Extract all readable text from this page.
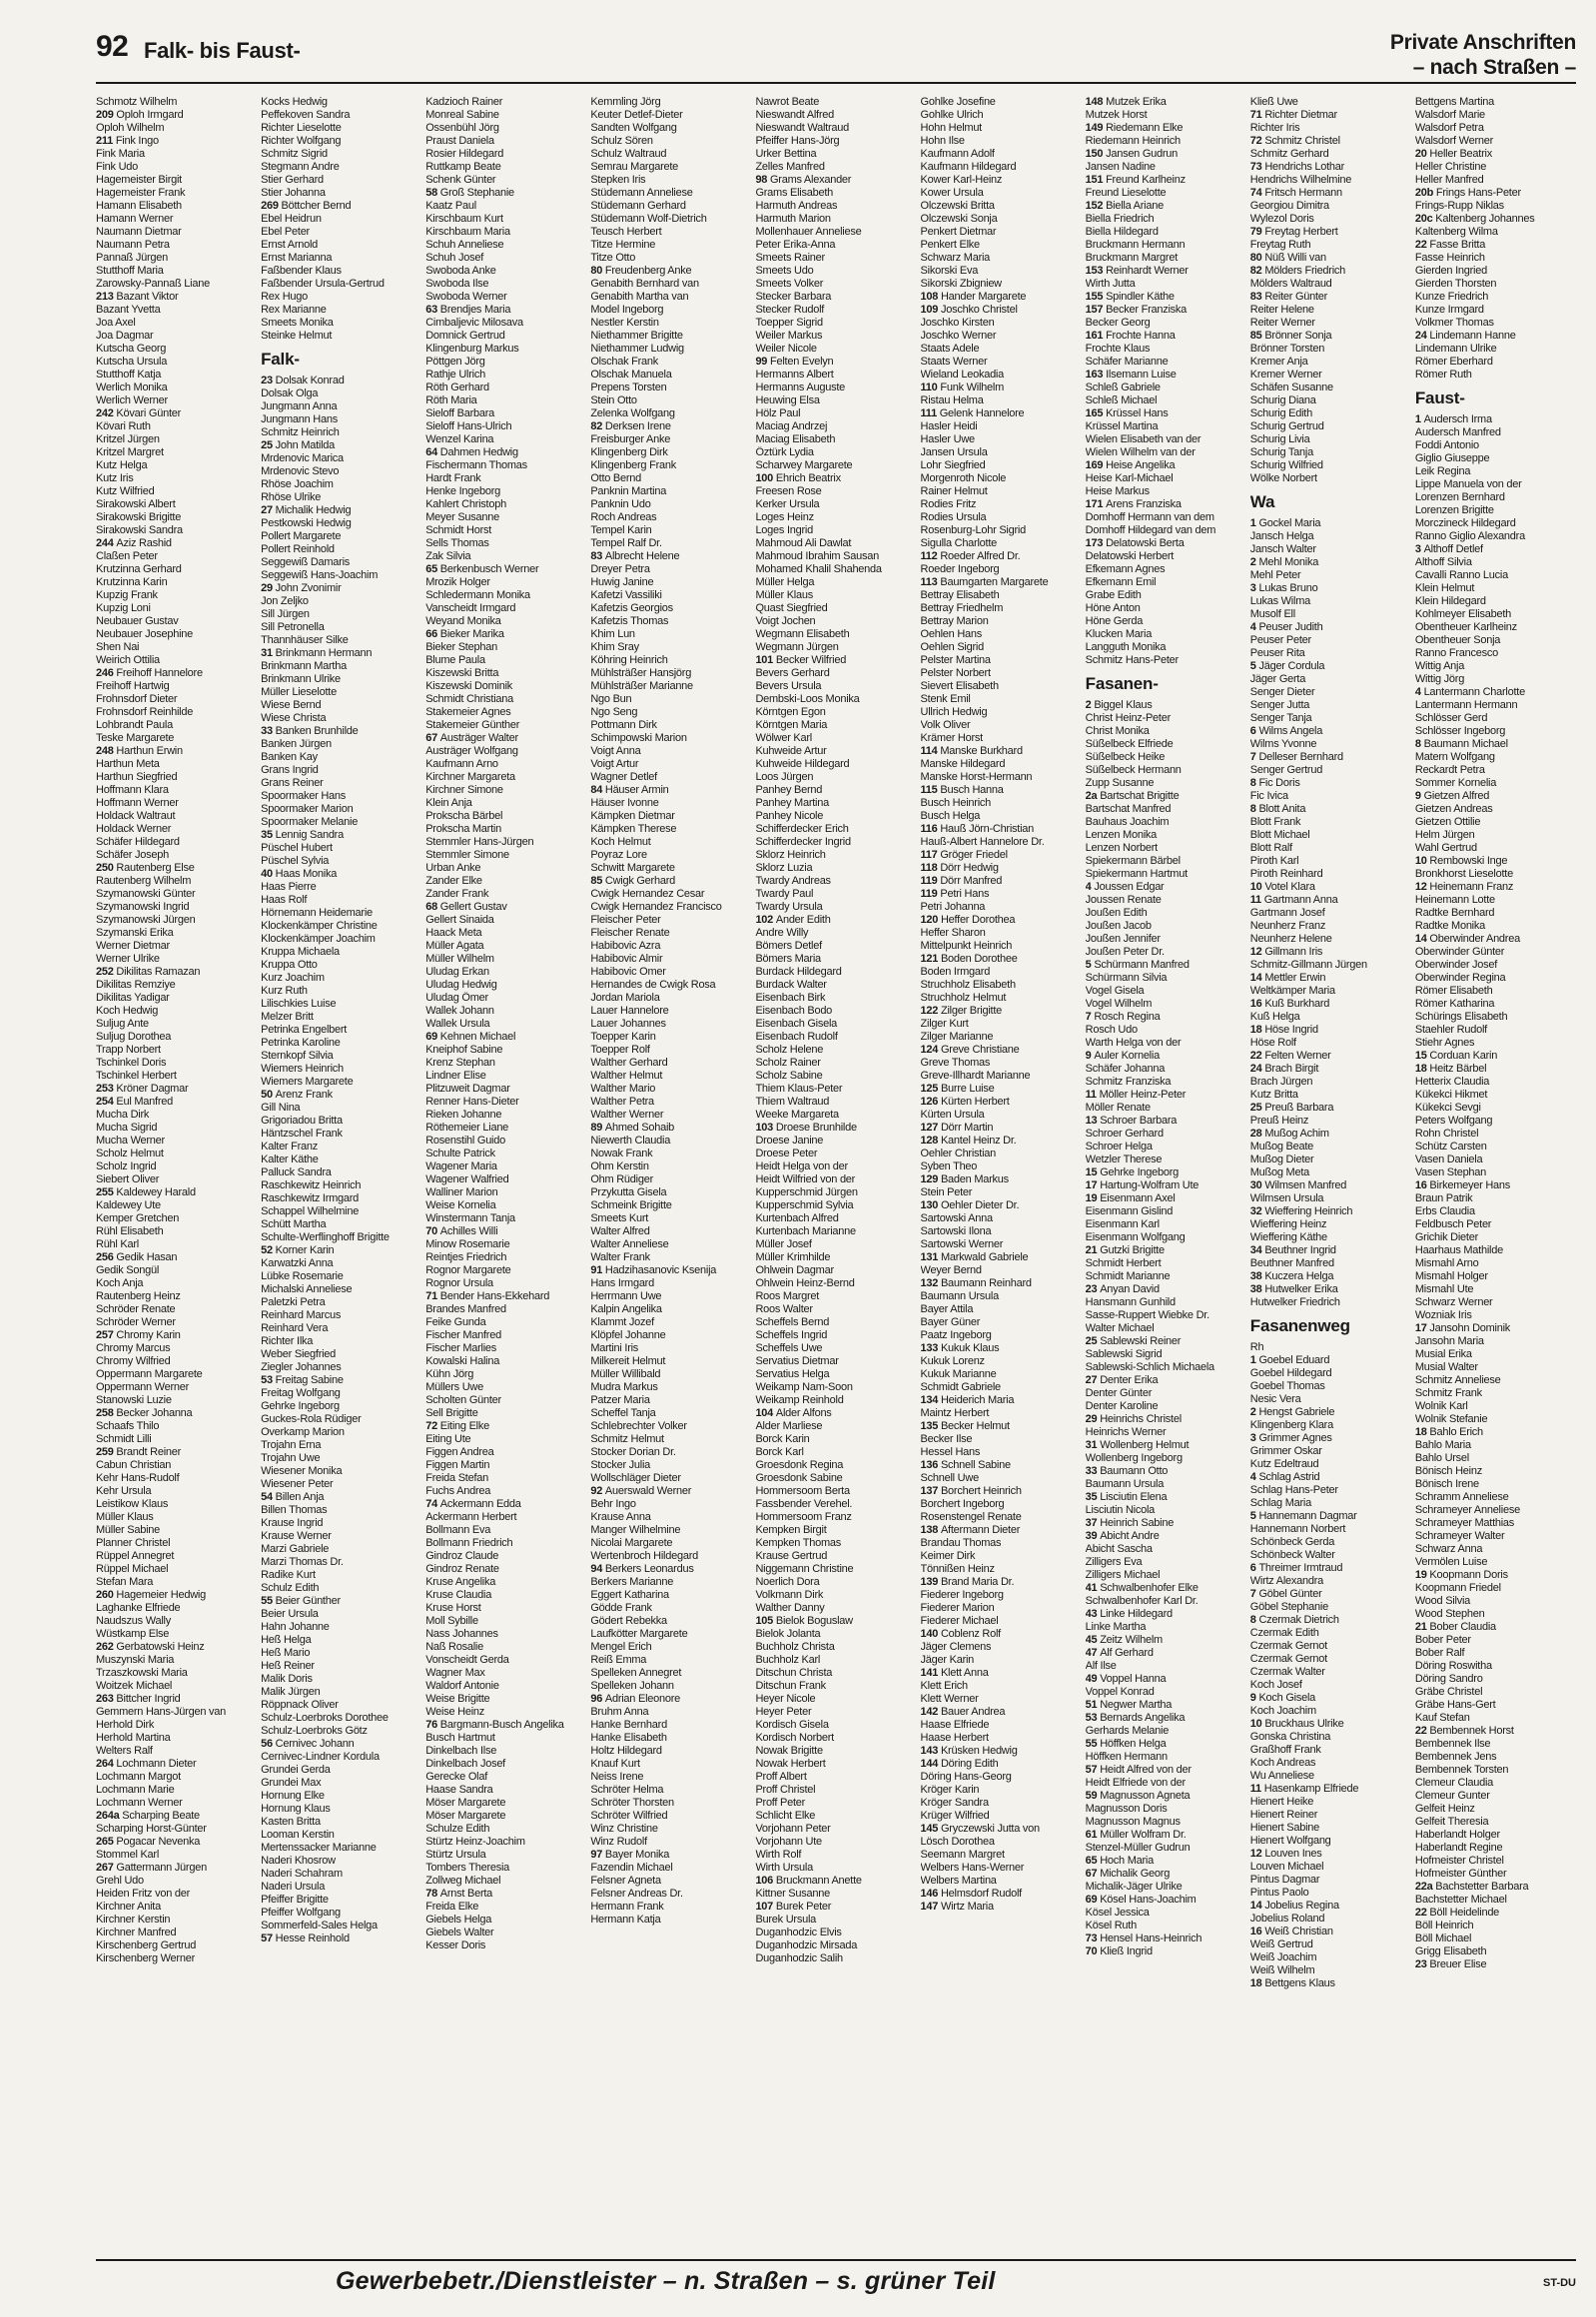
92 Falk- bis Faust-	Private Anschriften
– nach Straßen –
Schmotz Wilhelm
209 Oploh Irmgard
Oploh Wilhelm
211 Fink Ingo
Fink Maria
Fink Udo
Hagemeister Birgit
Hagemeister Frank
Hamann Elisabeth
Hamann Werner
Naumann Dietmar
Naumann Petra
Pannaß Jürgen
Stutthoff Maria
Zarowsky-Pannaß Liane
213 Bazant Viktor
Bazant Yvetta
Joa Axel
Joa Dagmar
Kutscha Georg
Kutscha Ursula
Stutthoff Katja
Werlich Monika
Werlich Werner
242 Kövari Günter
Kövari Ruth
Kritzel Jürgen
Kritzel Margret
Kutz Helga
Kutz Iris
Kutz Wilfried
Sirakowski Albert
Sirakowski Brigitte
Sirakowski Sandra
244 Aziz Rashid
Claßen Peter
Krutzinna Gerhard
Krutzinna Karin
Kupzig Frank
Kupzig Loni
Neubauer Gustav
Neubauer Josephine
Shen Nai
Weirich Ottilia
246 Freihoff Hannelore
Freihoff Hartwig
Frohnsdorf Dieter
Frohnsdorf Reinhilde
Lohbrandt Paula
Teske Margarete
248 Harthun Erwin
Harthun Meta
Harthun Siegfried
Hoffmann Klara
Hoffmann Werner
Holdack Waltraut
Holdack Werner
Schäfer Hildegard
Schäfer Joseph
250 Rautenberg Else
Rautenberg Wilhelm
Szymanowski Günter
Szymanowski Ingrid
Szymanowski Jürgen
Szymanski Erika
Werner Dietmar
Werner Ulrike
252 Dikilitas Ramazan
Dikilitas Remziye
Dikilitas Yadigar
Koch Hedwig
Suljug Ante
Suljug Dorothea
Trapp Norbert
Tschinkel Doris
Tschinkel Herbert
253 Kröner Dagmar
254 Eul Manfred
Mucha Dirk
Mucha Sigrid
Mucha Werner
Scholz Helmut
Scholz Ingrid
Siebert Oliver
255 Kaldewey Harald
Kaldewey Ute
Kemper Gretchen
Rühl Elisabeth
Rühl Karl
256 Gedik Hasan
Gedik Songül
Koch Anja
Rautenberg Heinz
Schröder Renate
Schröder Werner
257 Chromy Karin
Chromy Marcus
Chromy Wilfried
Oppermann Margarete
Oppermann Werner
Stanowski Luzie
258 Becker Johanna
Schaafs Thilo
Schmidt Lilli
259 Brandt Reiner
Cabun Christian
Kehr Hans-Rudolf
Kehr Ursula
Leistikow Klaus
Müller Klaus
Müller Sabine
Planner Christel
Rüppel Annegret
Rüppel Michael
Stefan Mara
260 Hagemeier Hedwig
Laghanke Elfriede
Naudszus Wally
Wüstkamp Else
262 Gerbatowski Heinz
Muszynski Maria
Trzaszkowski Maria
Woitzek Michael
263 Bittcher Ingrid
Gemmern Hans-Jürgen van
Herhold Dirk
Herhold Martina
Welters Ralf
264 Lochmann Dieter
Lochmann Margot
Lochmann Marie
Lochmann Werner
264a Scharping Beate
Scharping Horst-Günter
265 Pogacar Nevenka
Stommel Karl
267 Gattermann Jürgen
Grehl Udo
Heiden Fritz von der
Kirchner Anita
Kirchner Kerstin
Kirchner Manfred
Kirschenberg Gertrud
Kirschenberg Werner
Kocks Hedwig
Peffekoven Sandra
Richter Lieselotte
Richter Wolfgang
Schmitz Sigrid
Stegmann Andre
Stier Gerhard
Stier Johanna
269 Böttcher Bernd
Ebel Heidrun
Ebel Peter
Ernst Arnold
Ernst Marianna
Faßbender Klaus
Faßbender Ursula-Gertrud
Rex Hugo
Rex Marianne
Smeets Monika
Steinke Helmut
Falk-
23 Dolsak Konrad
Dolsak Olga
Jungmann Anna
Jungmann Hans
Schmitz Heinrich
25 John Matilda
Mrdenovic Marica
Mrdenovic Stevo
Rhöse Joachim
Rhöse Ulrike
27 Michalik Hedwig
Pestkowski Hedwig
Pollert Margarete
Pollert Reinhold
Seggewiß Damaris
Seggewiß Hans-Joachim
29 John Zvonimir
Jon Zeljko
Sill Jürgen
Sill Petronella
Thannhäuser Silke
31 Brinkmann Hermann
Brinkmann Martha
Brinkmann Ulrike
Müller Lieselotte
Wiese Bernd
Wiese Christa
33 Banken Brunhilde
Banken Jürgen
Banken Kay
Grans Ingrid
Grans Reiner
Spoormaker Hans
Spoormaker Marion
Spoormaker Melanie
35 Lennig Sandra
Püschel Hubert
Püschel Sylvia
40 Haas Monika
Haas Pierre
Haas Rolf
Hörnemann Heidemarie
Klockenkämper Christine
Klockenkämper Joachim
Kruppa Michaela
Kruppa Otto
Kurz Joachim
Kurz Ruth
Lilischkies Luise
Melzer Britt
Petrinka Engelbert
Petrinka Karoline
Sternkopf Silvia
Wiemers Heinrich
Wiemers Margarete
50 Arenz Frank
Gill Nina
Grigoriadou Britta
Häntzschel Frank
Kalter Franz
Kalter Käthe
Palluck Sandra
Raschkewitz Heinrich
Raschkewitz Irmgard
Schappel Wilhelmine
Schütt Martha
Schulte-Werflinghoff Brigitte
52 Korner Karin
Karwatzki Anna
Lübke Rosemarie
Michalski Anneliese
Paletzki Petra
Reinhard Marcus
Reinhard Vera
Richter Ilka
Weber Siegfried
Ziegler Johannes
53 Freitag Sabine
Freitag Wolfgang
Gehrke Ingeborg
Guckes-Rola Rüdiger
Overkamp Marion
Trojahn Erna
Trojahn Uwe
Wiesener Monika
Wiesener Peter
54 Billen Anja
Billen Thomas
Krause Ingrid
Krause Werner
Marzi Gabriele
Marzi Thomas Dr.
Radike Kurt
Schulz Edith
55 Beier Günther
Beier Ursula
Hahn Johanne
Heß Helga
Heß Mario
Heß Reiner
Malik Doris
Malik Jürgen
Röppnack Oliver
Schulz-Loerbroks Dorothee
Schulz-Loerbroks Götz
56 Cernivec Johann
Cernivec-Lindner Kordula
Grundei Gerda
Grundei Max
Hornung Elke
Hornung Klaus
Kasten Britta
Looman Kerstin
Mertenssacker Marianne
Naderi Khosrow
Naderi Schahram
Naderi Ursula
Pfeiffer Brigitte
Pfeiffer Wolfgang
Sommerfeld-Sales Helga
57 Hesse Reinhold
Kadzioch Rainer
Monreal Sabine
Ossenbühl Jörg
Praust Daniela
Rosier Hildegard
Ruttkamp Beate
Schenk Günter
58 Groß Stephanie
Kaatz Paul
Kirschbaum Kurt
Kirschbaum Maria
Schuh Anneliese
Schuh Josef
Swoboda Anke
Swoboda Ilse
Swoboda Werner
63 Brendjes Maria
Cimbaljevic Milosava
Domnick Gertrud
Klingenburg Markus
Pöttgen Jörg
Rathje Ulrich
Röth Gerhard
Röth Maria
Sieloff Barbara
Sieloff Hans-Ulrich
Wenzel Karina
64 Dahmen Hedwig
Fischermann Thomas
Hardt Frank
Henke Ingeborg
Kahlert Christoph
Meyer Susanne
Schmidt Horst
Sells Thomas
Zak Silvia
65 Berkenbusch Werner
Mrozik Holger
Schledermann Monika
Vanscheidt Irmgard
Weyand Monika
66 Bieker Marika
Bieker Stephan
Blume Paula
Kiszewski Britta
Kiszewski Dominik
Schmidt Christiana
Stakemeier Agnes
Stakemeier Günther
67 Austräger Walter
Austräger Wolfgang
Kaufmann Arno
Kirchner Margareta
Kirchner Simone
Klein Anja
Prokscha Bärbel
Prokscha Martin
Stemmler Hans-Jürgen
Stemmler Simone
Urban Anke
Zander Elke
Zander Frank
68 Gellert Gustav
Gellert Sinaida
Haack Meta
Müller Agata
Müller Wilhelm
Uludag Erkan
Uludag Hedwig
Uludag Ömer
Wallek Johann
Wallek Ursula
69 Kehnen Michael
Kneiphof Sabine
Krenz Stephan
Lindner Elise
Plitzuweit Dagmar
Renner Hans-Dieter
Rieken Johanne
Röthemeier Liane
Rosenstihl Guido
Schulte Patrick
Wagener Maria
Wagener Walfried
Walliner Marion
Weise Kornelia
Winstermann Tanja
70 Achilles Willi
Minow Rosemarie
Reintjes Friedrich
Rognor Margarete
Rognor Ursula
71 Bender Hans-Ekkehard
Brandes Manfred
Feike Gunda
Fischer Manfred
Fischer Marlies
Kowalski Halina
Kühn Jörg
Müllers Uwe
Scholten Günter
Sell Brigitte
72 Eiting Elke
Eiting Ute
Figgen Andrea
Figgen Martin
Freida Stefan
Fuchs Andrea
74 Ackermann Edda
Ackermann Herbert
Bollmann Eva
Bollmann Friedrich
Gindroz Claude
Gindroz Renate
Kruse Angelika
Kruse Claudia
Kruse Horst
Moll Sybille
Nass Johannes
Naß Rosalie
Vonscheidt Gerda
Wagner Max
Waldorf Antonie
Weise Brigitte
Weise Heinz
76 Bargmann-Busch Angelika
Busch Hartmut
Dinkelbach Ilse
Dinkelbach Josef
Gerecke Olaf
Haase Sandra
Möser Margarete
Möser Margarete
Schulze Edith
Stürtz Heinz-Joachim
Stürtz Ursula
Tombers Theresia
Zollweg Michael
78 Arnst Berta
Freida Elke
Giebels Helga
Giebels Walter
Kesser Doris
Kemmling Jörg
Keuter Detlef-Dieter
Sandten Wolfgang
Schulz Sören
Schulz Waltraud
Semrau Margarete
Stepken Iris
Stüdemann Anneliese
Stüdemann Gerhard
Stüdemann Wolf-Dietrich
Teusch Herbert
Titze Hermine
Titze Otto
80 Freudenberg Anke
Genabith Bernhard van
Genabith Martha van
Model Ingeborg
Nestler Kerstin
Niethammer Brigitte
Niethammer Ludwig
Olschak Frank
Olschak Manuela
Prepens Torsten
Stein Otto
Zelenka Wolfgang
82 Derksen Irene
Freisburger Anke
Klingenberg Dirk
Klingenberg Frank
Otto Bernd
Panknin Martina
Panknin Udo
Roch Andreas
Tempel Karin
Tempel Ralf Dr.
83 Albrecht Helene
Dreyer Petra
Huwig Janine
Kafetzi Vassiliki
Kafetzis Georgios
Kafetzis Thomas
Khim Lun
Khim Sray
Köhring Heinrich
Mühlsträßer Hansjörg
Mühlsträßer Marianne
Ngo Bun
Ngo Seng
Pottmann Dirk
Schimpowski Marion
Voigt Anna
Voigt Artur
Wagner Detlef
84 Häuser Armin
Häuser Ivonne
Kämpken Dietmar
Kämpken Therese
Koch Helmut
Poyraz Lore
Schwitt Margarete
85 Cwigk Gerhard
Cwigk Hernandez Cesar
Cwigk Hernandez Francisco
Fleischer Peter
Fleischer Renate
Habibovic Azra
Habibovic Almir
Habibovic Omer
Hernandes de Cwigk Rosa
Jordan Mariola
Lauer Hannelore
Lauer Johannes
Toepper Karin
Toepper Rolf
Walther Gerhard
Walther Helmut
Walther Mario
Walther Petra
Walther Werner
89 Ahmed Sohaib
Niewerth Claudia
Nowak Frank
Ohm Kerstin
Ohm Rüdiger
Przykutta Gisela
Schmeink Brigitte
Smeets Kurt
Walter Alfred
Walter Anneliese
Walter Frank
91 Hadzihasanovic Ksenija
Hans Irmgard
Herrmann Uwe
Kalpin Angelika
Klammt Jozef
Klöpfel Johanne
Martini Iris
Milkereit Helmut
Müller Willibald
Mudra Markus
Patzer Maria
Scheffel Tanja
Schlebrechter Volker
Schmitz Helmut
Stocker Dorian Dr.
Stocker Julia
Wollschläger Dieter
92 Auerswald Werner
Behr Ingo
Krause Anna
Manger Wilhelmine
Nicolai Margarete
Wertenbroch Hildegard
94 Berkers Leonardus
Berkers Marianne
Eggert Katharina
Gödde Frank
Gödert Rebekka
Laufkötter Margarete
Mengel Erich
Reiß Emma
Spelleken Annegret
Spelleken Johann
96 Adrian Eleonore
Bruhm Anna
Hanke Bernhard
Hanke Elisabeth
Holtz Hildegard
Knauf Kurt
Neiss Irene
Schröter Helma
Schröter Thorsten
Schröter Wilfried
Winz Christine
Winz Rudolf
97 Bayer Monika
Fazendin Michael
Felsner Agneta
Felsner Andreas Dr.
Hermann Frank
Hermann Katja
Nawrot Beate
Nieswandt Alfred
Nieswandt Waltraud
Pfeiffer Hans-Jörg
Urker Bettina
Zelles Manfred
98 Grams Alexander
Grams Elisabeth
Harmuth Andreas
Harmuth Marion
Mollenhauer Anneliese
Peter Erika-Anna
Smeets Rainer
Smeets Udo
Smeets Volker
Stecker Barbara
Stecker Rudolf
Toepper Sigrid
Weiler Markus
Weiler Nicole
99 Felten Evelyn
Hermanns Albert
Hermanns Auguste
Heuwing Elsa
Hölz Paul
Maciag Andrzej
Maciag Elisabeth
Öztürk Lydia
Scharwey Margarete
100 Ehrich Beatrix
Freesen Rose
Kerker Ursula
Loges Heinz
Loges Ingrid
Mahmoud Ali Dawlat
Mahmoud Ibrahim Sausan
Mohamed Khalil Shahenda
Müller Helga
Müller Klaus
Quast Siegfried
Voigt Jochen
Wegmann Elisabeth
Wegmann Jürgen
101 Becker Wilfried
Bevers Gerhard
Bevers Ursula
Dembski-Loos Monika
Körntgen Egon
Körntgen Maria
Wölwer Karl
Kuhweide Artur
Kuhweide Hildegard
Loos Jürgen
Panhey Bernd
Panhey Martina
Panhey Nicole
Schifferdecker Erich
Schifferdecker Ingrid
Sklorz Heinrich
Sklorz Luzia
Twardy Andreas
Twardy Paul
Twardy Ursula
102 Ander Edith
Andre Willy
Bömers Detlef
Bömers Maria
Burdack Hildegard
Burdack Walter
Eisenbach Birk
Eisenbach Bodo
Eisenbach Gisela
Eisenbach Rudolf
Scholz Helene
Scholz Rainer
Scholz Sabine
Thiem Klaus-Peter
Thiem Waltraud
Weeke Margareta
103 Droese Brunhilde
Droese Janine
Droese Peter
Heidt Helga von der
Heidt Wilfried von der
Kupperschmid Jürgen
Kupperschmid Sylvia
Kurtenbach Alfred
Kurtenbach Marianne
Müller Josef
Müller Krimhilde
Ohlwein Dagmar
Ohlwein Heinz-Bernd
Roos Margret
Roos Walter
Scheffels Bernd
Scheffels Ingrid
Scheffels Uwe
Servatius Dietmar
Servatius Helga
Weikamp Nam-Soon
Weikamp Reinhold
104 Alder Alfons
Alder Marliese
Borck Karin
Borck Karl
Groesdonk Regina
Groesdonk Sabine
Hommersoom Berta
Fassbender Verehel.
Hommersoom Franz
Kempken Birgit
Kempken Thomas
Krause Gertrud
Niggemann Christine
Noerlich Dora
Volkmann Dirk
Walther Danny
105 Bielok Boguslaw
Bielok Jolanta
Buchholz Christa
Buchholz Karl
Ditschun Christa
Ditschun Frank
Heyer Nicole
Heyer Peter
Kordisch Gisela
Kordisch Norbert
Nowak Brigitte
Nowak Herbert
Proff Albert
Proff Christel
Proff Peter
Schlicht Elke
Vorjohann Peter
Vorjohann Ute
Wirth Rolf
Wirth Ursula
106 Bruckmann Anette
Kittner Susanne
107 Burek Peter
Burek Ursula
Duganhodzic Elvis
Duganhodzic Mirsada
Duganhodzic Salih
Gohlke Josefine
Gohlke Ulrich
Hohn Helmut
Hohn Ilse
Kaufmann Adolf
Kaufmann Hildegard
Kower Karl-Heinz
Kower Ursula
Olczewski Britta
Olczewski Sonja
Penkert Dietmar
Penkert Elke
Schwarz Maria
Sikorski Eva
Sikorski Zbigniew
108 Hander Margarete
109 Joschko Christel
Joschko Kirsten
Joschko Werner
Staats Adele
Staats Werner
Wieland Leokadia
110 Funk Wilhelm
Ristau Helma
111 Gelenk Hannelore
Hasler Heidi
Hasler Uwe
Jansen Ursula
Lohr Siegfried
Morgenroth Nicole
Rainer Helmut
Rodies Fritz
Rodies Ursula
Rosenburg-Lohr Sigrid
Sigulla Charlotte
112 Roeder Alfred Dr.
Roeder Ingeborg
113 Baumgarten Margarete
Bettray Elisabeth
Bettray Friedhelm
Bettray Marion
Oehlen Hans
Oehlen Sigrid
Pelster Martina
Pelster Norbert
Sievert Elisabeth
Stenk Emil
Ullrich Hedwig
Volk Oliver
Krämer Horst
114 Manske Burkhard
Manske Hildegard
Manske Horst-Hermann
115 Busch Hanna
Busch Heinrich
Busch Helga
116 Hauß Jörn-Christian
Hauß-Albert Hannelore Dr.
117 Gröger Friedel
118 Dörr Hedwig
119 Dörr Manfred
119 Petri Hans
Petri Johanna
120 Heffer Dorothea
Heffer Sharon
Mittelpunkt Heinrich
121 Boden Dorothee
Boden Irmgard
Struchholz Elisabeth
Struchholz Helmut
122 Zilger Brigitte
Zilger Kurt
Zilger Marianne
124 Greve Christiane
Greve Thomas
Greve-Illhardt Marianne
125 Burre Luise
126 Kürten Herbert
Kürten Ursula
127 Dörr Martin
128 Kantel Heinz Dr.
Oehler Christian
Syben Theo
129 Baden Markus
Stein Peter
130 Oehler Dieter Dr.
Sartowski Anna
Sartowski Ilona
Sartowski Werner
131 Markwald Gabriele
Weyer Bernd
132 Baumann Reinhard
Baumann Ursula
Bayer Attila
Bayer Güner
Paatz Ingeborg
133 Kukuk Klaus
Kukuk Lorenz
Kukuk Marianne
Schmidt Gabriele
134 Heiderich Maria
Maintz Herbert
135 Becker Helmut
Becker Ilse
Hessel Hans
136 Schnell Sabine
Schnell Uwe
137 Borchert Heinrich
Borchert Ingeborg
Rosenstengel Renate
138 Aftermann Dieter
Brandau Thomas
Keimer Dirk
Tönnißen Heinz
139 Brand Maria Dr.
Fiederer Ingeborg
Fiederer Marion
Fiederer Michael
140 Coblenz Rolf
Jäger Clemens
Jäger Karin
141 Klett Anna
Klett Erich
Klett Werner
142 Bauer Andrea
Haase Elfriede
Haase Herbert
143 Krüsken Hedwig
144 Döring Edith
Döring Hans-Georg
Kröger Karin
Kröger Sandra
Krüger Wilfried
145 Gryczewski Jutta von
Lösch Dorothea
Seemann Margret
Welbers Hans-Werner
Welbers Martina
146 Helmsdorf Rudolf
147 Wirtz Maria
148 Mutzek Erika
Mutzek Horst
149 Riedemann Elke
Riedemann Heinrich
150 Jansen Gudrun
Jansen Nadine
151 Freund Karlheinz
Freund Lieselotte
152 Biella Ariane
Biella Friedrich
Biella Hildegard
Bruckmann Hermann
Bruckmann Margret
153 Reinhardt Werner
Wirth Jutta
155 Spindler Käthe
157 Becker Franziska
Becker Georg
161 Frochte Hanna
Frochte Klaus
Schäfer Marianne
163 Ilsemann Luise
Schleß Gabriele
Schleß Michael
165 Krüssel Hans
Krüssel Martina
Wielen Elisabeth van der
Wielen Wilhelm van der
169 Heise Angelika
Heise Karl-Michael
Heise Markus
171 Arens Franziska
Domhoff Hermann van dem
Domhoff Hildegard van dem
173 Delatowski Berta
Delatowski Herbert
Efkemann Agnes
Efkemann Emil
Grabe Edith
Höne Anton
Höne Gerda
Klucken Maria
Langguth Monika
Schmitz Hans-Peter
Fasanen-
2 Biggel Klaus
Christ Heinz-Peter
Christ Monika
Süßelbeck Elfriede
Süßelbeck Heike
Süßelbeck Hermann
Zupp Susanne
2a Bartschat Brigitte
Bartschat Manfred
Bauhaus Joachim
Lenzen Monika
Lenzen Norbert
Spiekermann Bärbel
Spiekermann Hartmut
4 Joussen Edgar
Joussen Renate
Joußen Edith
Joußen Jacob
Joußen Jennifer
Joußen Peter Dr.
5 Schürmann Manfred
Schürmann Silvia
Vogel Gisela
Vogel Wilhelm
7 Rosch Regina
Rosch Udo
Warth Helga von der
9 Auler Kornelia
Schäfer Johanna
Schmitz Franziska
11 Möller Heinz-Peter
Möller Renate
13 Schroer Barbara
Schroer Gerhard
Schroer Helga
Wetzler Therese
15 Gehrke Ingeborg
17 Hartung-Wolfram Ute
19 Eisenmann Axel
Eisenmann Gislind
Eisenmann Karl
Eisenmann Wolfgang
21 Gutzki Brigitte
Schmidt Herbert
Schmidt Marianne
23 Anyan David
Hansmann Gunhild
Sasse-Ruppert Wiebke Dr.
Walter Michael
25 Sablewski Reiner
Sablewski Sigrid
Sablewski-Schlich Michaela
27 Denter Erika
Denter Günter
Denter Karoline
29 Heinrichs Christel
Heinrichs Werner
31 Wollenberg Helmut
Wollenberg Ingeborg
33 Baumann Otto
Baumann Ursula
35 Lisciutin Elena
Lisciutin Nicola
37 Heinrich Sabine
39 Abicht Andre
Abicht Sascha
Zilligers Eva
Zilligers Michael
41 Schwalbenhofer Elke
Schwalbenhofer Karl Dr.
43 Linke Hildegard
Linke Martha
45 Zeitz Wilhelm
47 Alf Gerhard
Alf Ilse
49 Voppel Hanna
Voppel Konrad
51 Negwer Martha
53 Bernards Angelika
Gerhards Melanie
55 Höffken Helga
Höffken Hermann
57 Heidt Alfred von der
Heidt Elfriede von der
59 Magnusson Agneta
Magnusson Doris
Magnusson Magnus
61 Müller Wolfram Dr.
Stenzel-Müller Gudrun
65 Hoch Maria
67 Michalik Georg
Michalik-Jäger Ulrike
69 Kösel Hans-Joachim
Kösel Jessica
Kösel Ruth
73 Hensel Hans-Heinrich
70 Kließ Ingrid
Kließ Uwe
71 Richter Dietmar
Richter Iris
72 Schmitz Christel
Schmitz Gerhard
73 Hendrichs Lothar
Hendrichs Wilhelmine
74 Fritsch Hermann
Georgiou Dimitra
Wylezol Doris
79 Freytag Herbert
Freytag Ruth
80 Nüß Willi van
82 Mölders Friedrich
Mölders Waltraud
83 Reiter Günter
Reiter Helene
Reiter Werner
85 Brönner Sonja
Brönner Torsten
Kremer Anja
Kremer Werner
Schäfen Susanne
Schurig Diana
Schurig Edith
Schurig Gertrud
Schurig Livia
Schurig Tanja
Schurig Wilfried
Wölke Norbert
Wa
1 Gockel Maria
Jansch Helga
Jansch Walter
2 Mehl Monika
Mehl Peter
3 Lukas Bruno
Lukas Wilma
Musolf Ell
4 Peuser Judith
Peuser Peter
Peuser Rita
5 Jäger Cordula
Jäger Gerta
Senger Dieter
Senger Jutta
Senger Tanja
6 Wilms Angela
Wilms Yvonne
7 Delleser Bernhard
Senger Gertrud
8 Fic Doris
Fic Ivica
8 Blott Anita
Blott Frank
Blott Michael
Blott Ralf
Piroth Karl
Piroth Reinhard
10 Votel Klara
11 Gartmann Anna
Gartmann Josef
Neunherz Franz
Neunherz Helene
12 Gillmann Iris
Schmitz-Gillmann Jürgen
14 Mettler Erwin
Weltkämper Maria
16 Kuß Burkhard
Kuß Helga
18 Höse Ingrid
Höse Rolf
22 Felten Werner
24 Brach Birgit
Brach Jürgen
Kutz Britta
25 Preuß Barbara
Preuß Heinz
28 Mußog Achim
Mußog Beate
Mußog Dieter
Mußog Meta
30 Wilmsen Manfred
Wilmsen Ursula
32 Wieffering Heinrich
Wieffering Heinz
Wieffering Käthe
34 Beuthner Ingrid
Beuthner Manfred
38 Kuczera Helga
38 Hutwelker Erika
Hutwelker Friedrich
Fasanenweg
Rh
1 Goebel Eduard
Goebel Hildegard
Goebel Thomas
Nesic Vera
2 Hengst Gabriele
Klingenberg Klara
3 Grimmer Agnes
Grimmer Oskar
Kutz Edeltraud
4 Schlag Astrid
Schlag Hans-Peter
Schlag Maria
5 Hannemann Dagmar
Hannemann Norbert
Schönbeck Gerda
Schönbeck Walter
6 Threimer Irmtraud
Wirtz Alexandra
7 Göbel Günter
Göbel Stephanie
8 Czermak Dietrich
Czermak Edith
Czermak Gernot
Czermak Gernot
Czermak Walter
Koch Josef
9 Koch Gisela
Koch Joachim
10 Bruckhaus Ulrike
Gonska Christina
Graßhoff Frank
Koch Andreas
Wu Anneliese
11 Hasenkamp Elfriede
Hienert Heike
Hienert Reiner
Hienert Sabine
Hienert Wolfgang
12 Louven Ines
Louven Michael
Pintus Dagmar
Pintus Paolo
14 Jobelius Regina
Jobelius Roland
16 Weiß Christian
Weiß Gertrud
Weiß Joachim
Weiß Wilhelm
18 Bettgens Klaus
Bettgens Martina
Walsdorf Marie
Walsdorf Petra
Walsdorf Werner
20 Heller Beatrix
Heller Christine
Heller Manfred
20b Frings Hans-Peter
Frings-Rupp Niklas
20c Kaltenberg Johannes
Kaltenberg Wilma
22 Fasse Britta
Fasse Heinrich
Gierden Ingried
Gierden Thorsten
Kunze Friedrich
Kunze Irmgard
Volkmer Thomas
24 Lindemann Hanne
Lindemann Ulrike
Römer Eberhard
Römer Ruth
Faust-
1 Audersch Irma
Audersch Manfred
Foddi Antonio
Giglio Giuseppe
Leik Regina
Lippe Manuela von der
Lorenzen Bernhard
Lorenzen Brigitte
Morczineck Hildegard
Ranno Giglio Alexandra
3 Althoff Detlef
Althoff Silvia
Cavalli Ranno Lucia
Klein Helmut
Klein Hildegard
Kohlmeyer Elisabeth
Obentheuer Karlheinz
Obentheuer Sonja
Ranno Francesco
Wittig Anja
Wittig Jörg
4 Lantermann Charlotte
Lantermann Hermann
Schlösser Gerd
Schlösser Ingeborg
8 Baumann Michael
Matern Wolfgang
Reckardt Petra
Sommer Kornelia
9 Gietzen Alfred
Gietzen Andreas
Gietzen Ottilie
Helm Jürgen
Wahl Gertrud
10 Rembowski Inge
Bronkhorst Lieselotte
12 Heinemann Franz
Heinemann Lotte
Radtke Bernhard
Radtke Monika
14 Oberwinder Andrea
Oberwinder Günter
Oberwinder Josef
Oberwinder Regina
Römer Elisabeth
Römer Katharina
Schürings Elisabeth
Staehler Rudolf
Stiehr Agnes
15 Corduan Karin
18 Heitz Bärbel
Hetterix Claudia
Kükekci Hikmet
Kükekci Sevgi
Peters Wolfgang
Rohn Christel
Schütz Carsten
Vasen Daniela
Vasen Stephan
16 Birkemeyer Hans
Braun Patrik
Erbs Claudia
Feldbusch Peter
Grichik Dieter
Haarhaus Mathilde
Mismahl Arno
Mismahl Holger
Mismahl Ute
Schwarz Werner
Wozniak Iris
17 Jansohn Dominik
Jansohn Maria
Musial Erika
Musial Walter
Schmitz Anneliese
Schmitz Frank
Wolnik Karl
Wolnik Stefanie
18 Bahlo Erich
Bahlo Maria
Bahlo Ursel
Bönisch Heinz
Bönisch Irene
Schramm Anneliese
Schrameyer Anneliese
Schrameyer Matthias
Schrameyer Walter
Schwarz Anna
Vermölen Luise
19 Koopmann Doris
Koopmann Friedel
Wood Silvia
Wood Stephen
21 Bober Claudia
Bober Peter
Bober Ralf
Döring Roswitha
Döring Sandro
Gräbe Christel
Gräbe Hans-Gert
Kauf Stefan
22 Bembennek Horst
Bembennek Ilse
Bembennek Jens
Bembennek Torsten
Clemeur Claudia
Clemeur Gunter
Gelfeit Heinz
Gelfeit Theresia
Haberlandt Holger
Haberlandt Regine
Hofmeister Christel
Hofmeister Günther
22a Bachstetter Barbara
Bachstetter Michael
22 Böll Heidelinde
Böll Heinrich
Böll Michael
Grigg Elisabeth
23 Breuer Elise
Gewerbebetr./Dienstleister – n. Straßen – s. grüner Teil	ST-DU
